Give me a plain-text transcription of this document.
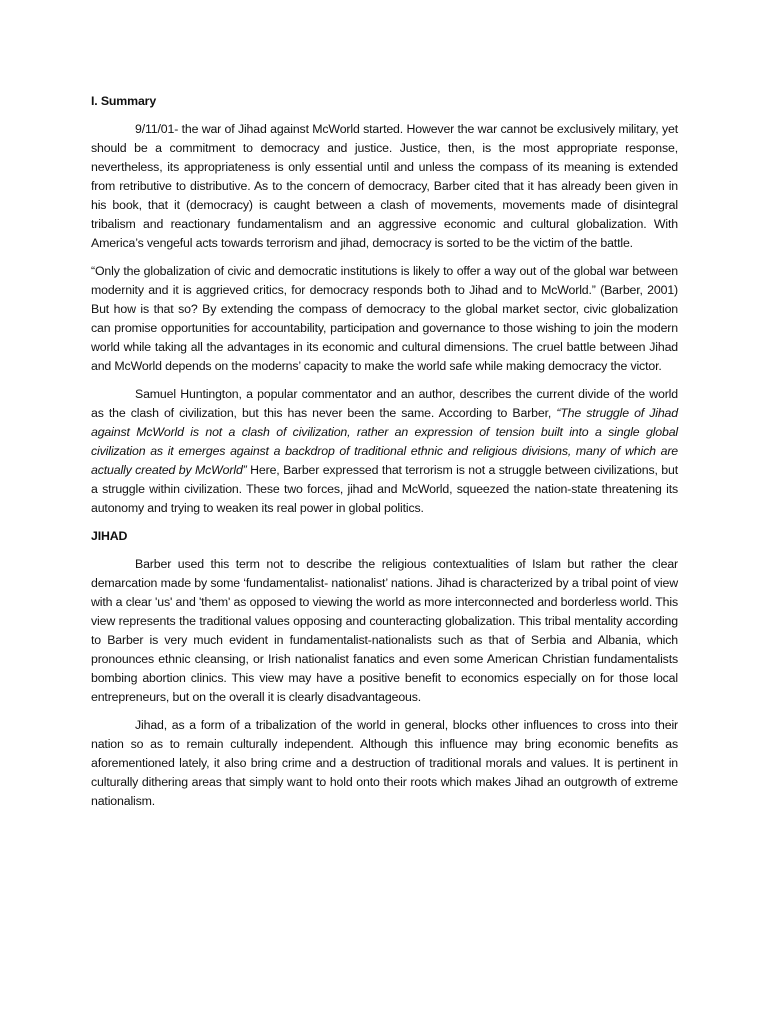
I. Summary

9/11/01- the war of Jihad against McWorld started. However the war cannot be exclusively military, yet should be a commitment to democracy and justice. Justice, then, is the most appropriate response, nevertheless, its appropriateness is only essential until and unless the compass of its meaning is extended from retributive to distributive. As to the concern of democracy, Barber cited that it has already been given in his book, that it (democracy) is caught between a clash of movements, movements made of disintegral tribalism and reactionary fundamentalism and an aggressive economic and cultural globalization. With America’s vengeful acts towards terrorism and jihad, democracy is sorted to be the victim of the battle.

“Only the globalization of civic and democratic institutions is likely to offer a way out of the global war between modernity and it is aggrieved critics, for democracy responds both to Jihad and to McWorld.” (Barber, 2001) But how is that so? By extending the compass of democracy to the global market sector, civic globalization can promise opportunities for accountability, participation and governance to those wishing to join the modern world while taking all the advantages in its economic and cultural dimensions. The cruel battle between Jihad and McWorld depends on the moderns’ capacity to make the world safe while making democracy the victor.

Samuel Huntington, a popular commentator and an author, describes the current divide of the world as the clash of civilization, but this has never been the same. According to Barber, “The struggle of Jihad against McWorld is not a clash of civilization, rather an expression of tension built into a single global civilization as it emerges against a backdrop of traditional ethnic and religious divisions, many of which are actually created by McWorld” Here, Barber expressed that terrorism is not a struggle between civilizations, but a struggle within civilization. These two forces, jihad and McWorld, squeezed the nation-state threatening its autonomy and trying to weaken its real power in global politics.

JIHAD

Barber used this term not to describe the religious contextualities of Islam but rather the clear demarcation made by some ‘fundamentalist- nationalist’ nations. Jihad is characterized by a tribal point of view with a clear 'us' and 'them' as opposed to viewing the world as more interconnected and borderless world. This view represents the traditional values opposing and counteracting globalization. This tribal mentality according to Barber is very much evident in fundamentalist-nationalists such as that of Serbia and Albania, which pronounces ethnic cleansing, or Irish nationalist fanatics and even some American Christian fundamentalists bombing abortion clinics. This view may have a positive benefit to economics especially on for those local entrepreneurs, but on the overall it is clearly disadvantageous.

Jihad, as a form of a tribalization of the world in general, blocks other influences to cross into their nation so as to remain culturally independent. Although this influence may bring economic benefits as aforementioned lately, it also bring crime and a destruction of traditional morals and values. It is pertinent in culturally dithering areas that simply want to hold onto their roots which makes Jihad an outgrowth of extreme nationalism.
